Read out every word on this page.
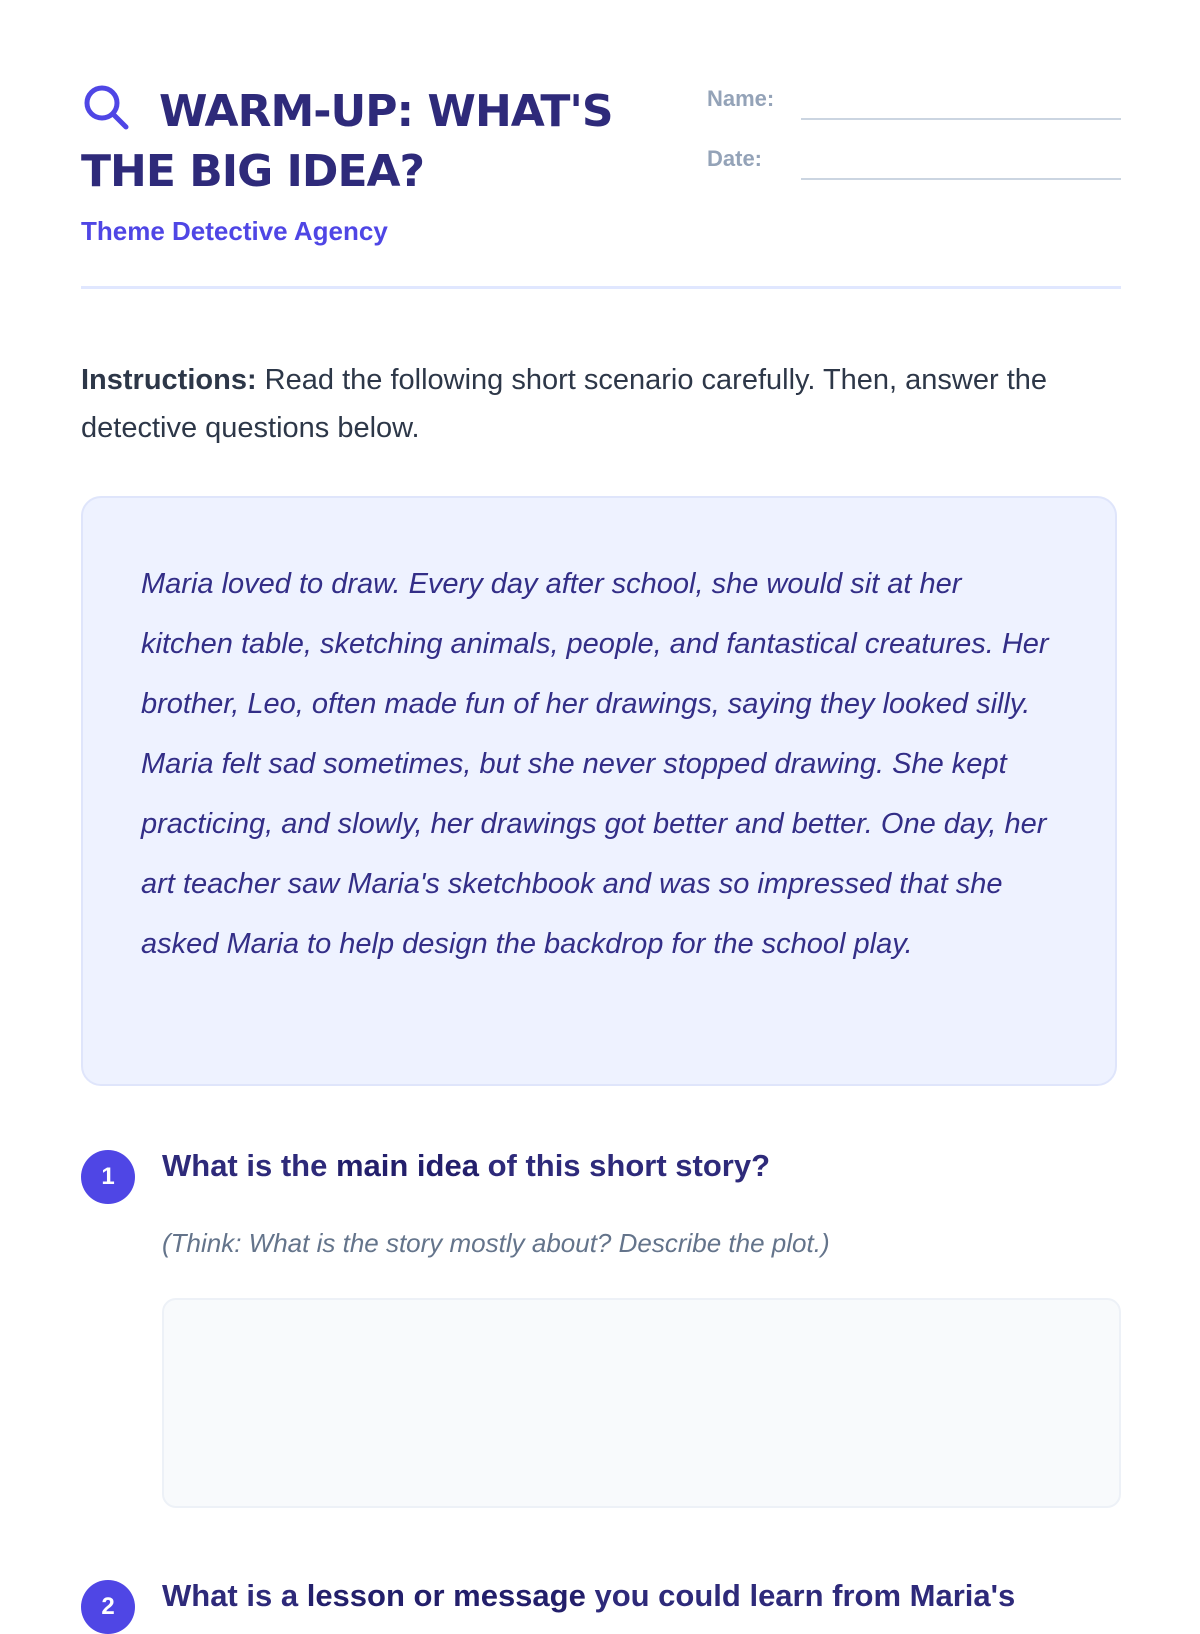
WARM-UP: WHAT'S THE BIG IDEA?
Theme Detective Agency
Name:
Date:
Instructions: Read the following short scenario carefully. Then, answer the detective questions below.

Maria loved to draw. Every day after school, she would sit at her kitchen table, sketching animals, people, and fantastical creatures. Her brother, Leo, often made fun of her drawings, saying they looked silly. Maria felt sad sometimes, but she never stopped drawing. She kept practicing, and slowly, her drawings got better and better. One day, her art teacher saw Maria's sketchbook and was so impressed that she asked Maria to help design the backdrop for the school play.

1	What is the main idea of this short story?
(Think: What is the story mostly about? Describe the plot.)
2	What is a lesson or message you could learn from Maria's
